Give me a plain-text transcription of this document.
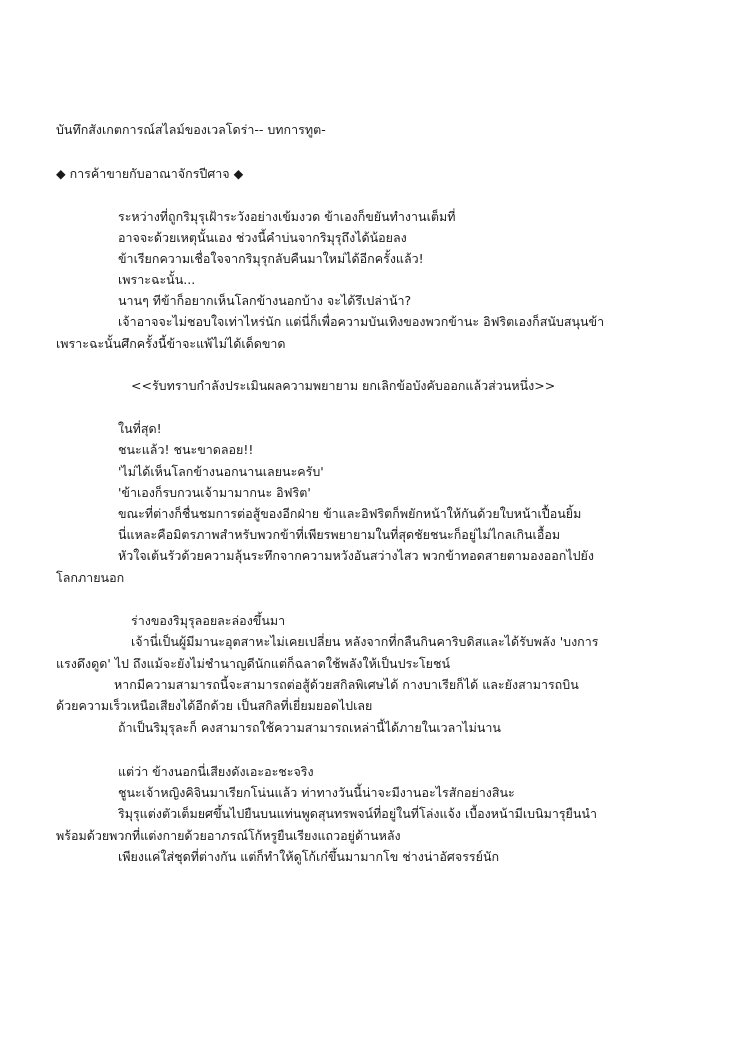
บันทึกสังเกตการณ์สไลม์ของเวลโดร่า-- บทการทูต-
◆ การค้าขายกับอาณาจักรปีศาจ ◆
ระหว่างที่ถูกริมุรุเฝ้าระวังอย่างเข้มงวด ข้าเองก็ขยันทำงานเต็มที่
อาจจะด้วยเหตุนั้นเอง ช่วงนี้คำบ่นจากริมุรุถึงได้น้อยลง
ข้าเรียกความเชื่อใจจากริมุรุกลับคืนมาใหม่ได้อีกครั้งแล้ว!
เพราะฉะนั้น...
นานๆ ทีข้าก็อยากเห็นโลกข้างนอกบ้าง จะได้รึเปล่าน้า?
เจ้าอาจจะไม่ชอบใจเท่าไหร่นัก แต่นี่ก็เพื่อความบันเทิงของพวกข้านะ อิฟริตเองก็สนับสนุนข้า
เพราะฉะนั้นศึกครั้งนี้ข้าจะแพ้ไม่ได้เด็ดขาด
<<รับทราบกำลังประเมินผลความพยายาม ยกเลิกข้อบังคับออกแล้วส่วนหนึ่ง>>
ในที่สุด!
ชนะแล้ว! ชนะขาดลอย!!
'ไม่ได้เห็นโลกข้างนอกนานเลยนะครับ'
'ข้าเองก็รบกวนเจ้ามามากนะ อิฟริต'
ขณะที่ต่างก็ชื่นชมการต่อสู้ของอีกฝ่าย ข้าและอิฟริตก็พยักหน้าให้กันด้วยใบหน้าเปื้อนยิ้ม
นี่แหละคือมิตรภาพสำหรับพวกข้าที่เพียรพยายามในที่สุดชัยชนะก็อยู่ไม่ไกลเกินเอื้อม
หัวใจเต้นรัวด้วยความลุ้นระทึกจากความหวังอันสว่างไสว พวกข้าทอดสายตามองออกไปยัง
โลกภายนอก
ร่างของริมุรุลอยละล่องขึ้นมา
เจ้านี่เป็นผู้มีมานะอุตสาหะไม่เคยเปลี่ยน หลังจากที่กลืนกินคาริบดิสและได้รับพลัง 'บงการ
แรงดึงดูด' ไป ถึงแม้จะยังไม่ชำนาญดีนักแต่ก็ฉลาดใช้พลังให้เป็นประโยชน์
หากมีความสามารถนี้จะสามารถต่อสู้ด้วยสกิลพิเศษได้ กางบาเรียก็ได้ และยังสามารถบิน
ด้วยความเร็วเหนือเสียงได้อีกด้วย เป็นสกิลที่เยี่ยมยอดไปเลย
ถ้าเป็นริมุรุละก็ คงสามารถใช้ความสามารถเหล่านี้ได้ภายในเวลาไม่นาน
แต่ว่า ข้างนอกนี่เสียงดังเอะอะชะจริง
ชูนะเจ้าหญิงคิจินมาเรียกโน่นแล้ว ท่าทางวันนี้น่าจะมีงานอะไรสักอย่างสินะ
ริมุรุแต่งตัวเต็มยศขึ้นไปยืนบนแท่นพูดสุนทรพจน์ที่อยู่ในที่โล่งแจ้ง เบื้องหน้ามีเบนิมารุยืนนำ
พร้อมด้วยพวกที่แต่งกายด้วยอาภรณ์โก้หรูยืนเรียงแถวอยู่ด้านหลัง
เพียงแค่ใส่ชุดที่ต่างกัน แต่ก็ทำให้ดูโก้เก๋ขึ้นมามากโข ช่างน่าอัศจรรย์นัก
